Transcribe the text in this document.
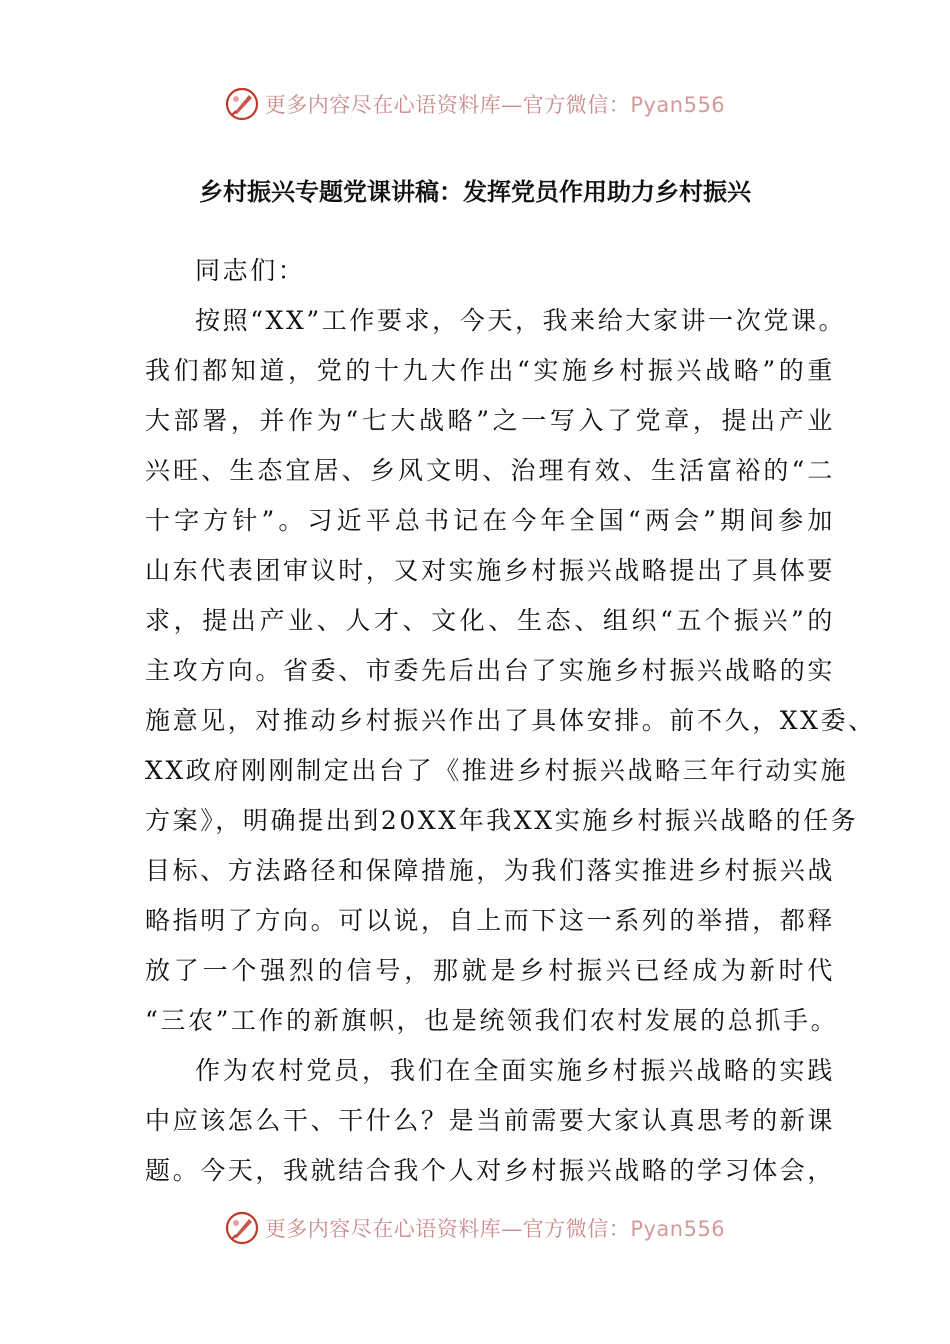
更多内容尽在心语资料库—官方微信：Pyan556
乡村振兴专题党课讲稿：发挥党员作用助力乡村振兴
同志们：
按照“XX”工作要求，今天，我来给大家讲一次党课。
我们都知道，党的十九大作出“实施乡村振兴战略”的重
大部署，并作为“七大战略”之一写入了党章，提出产业
兴旺、生态宜居、乡风文明、治理有效、生活富裕的“二
十字方针”。习近平总书记在今年全国“两会”期间参加
山东代表团审议时，又对实施乡村振兴战略提出了具体要
求，提出产业、人才、文化、生态、组织“五个振兴”的
主攻方向。省委、市委先后出台了实施乡村振兴战略的实
施意见，对推动乡村振兴作出了具体安排。前不久，XX委、
XX政府刚刚制定出台了《推进乡村振兴战略三年行动实施
方案》，明确提出到20XX年我XX实施乡村振兴战略的任务
目标、方法路径和保障措施，为我们落实推进乡村振兴战
略指明了方向。可以说，自上而下这一系列的举措，都释
放了一个强烈的信号，那就是乡村振兴已经成为新时代
“三农”工作的新旗帜，也是统领我们农村发展的总抓手。
作为农村党员，我们在全面实施乡村振兴战略的实践
中应该怎么干、干什么？是当前需要大家认真思考的新课
题。今天，我就结合我个人对乡村振兴战略的学习体会，
更多内容尽在心语资料库—官方微信：Pyan556
